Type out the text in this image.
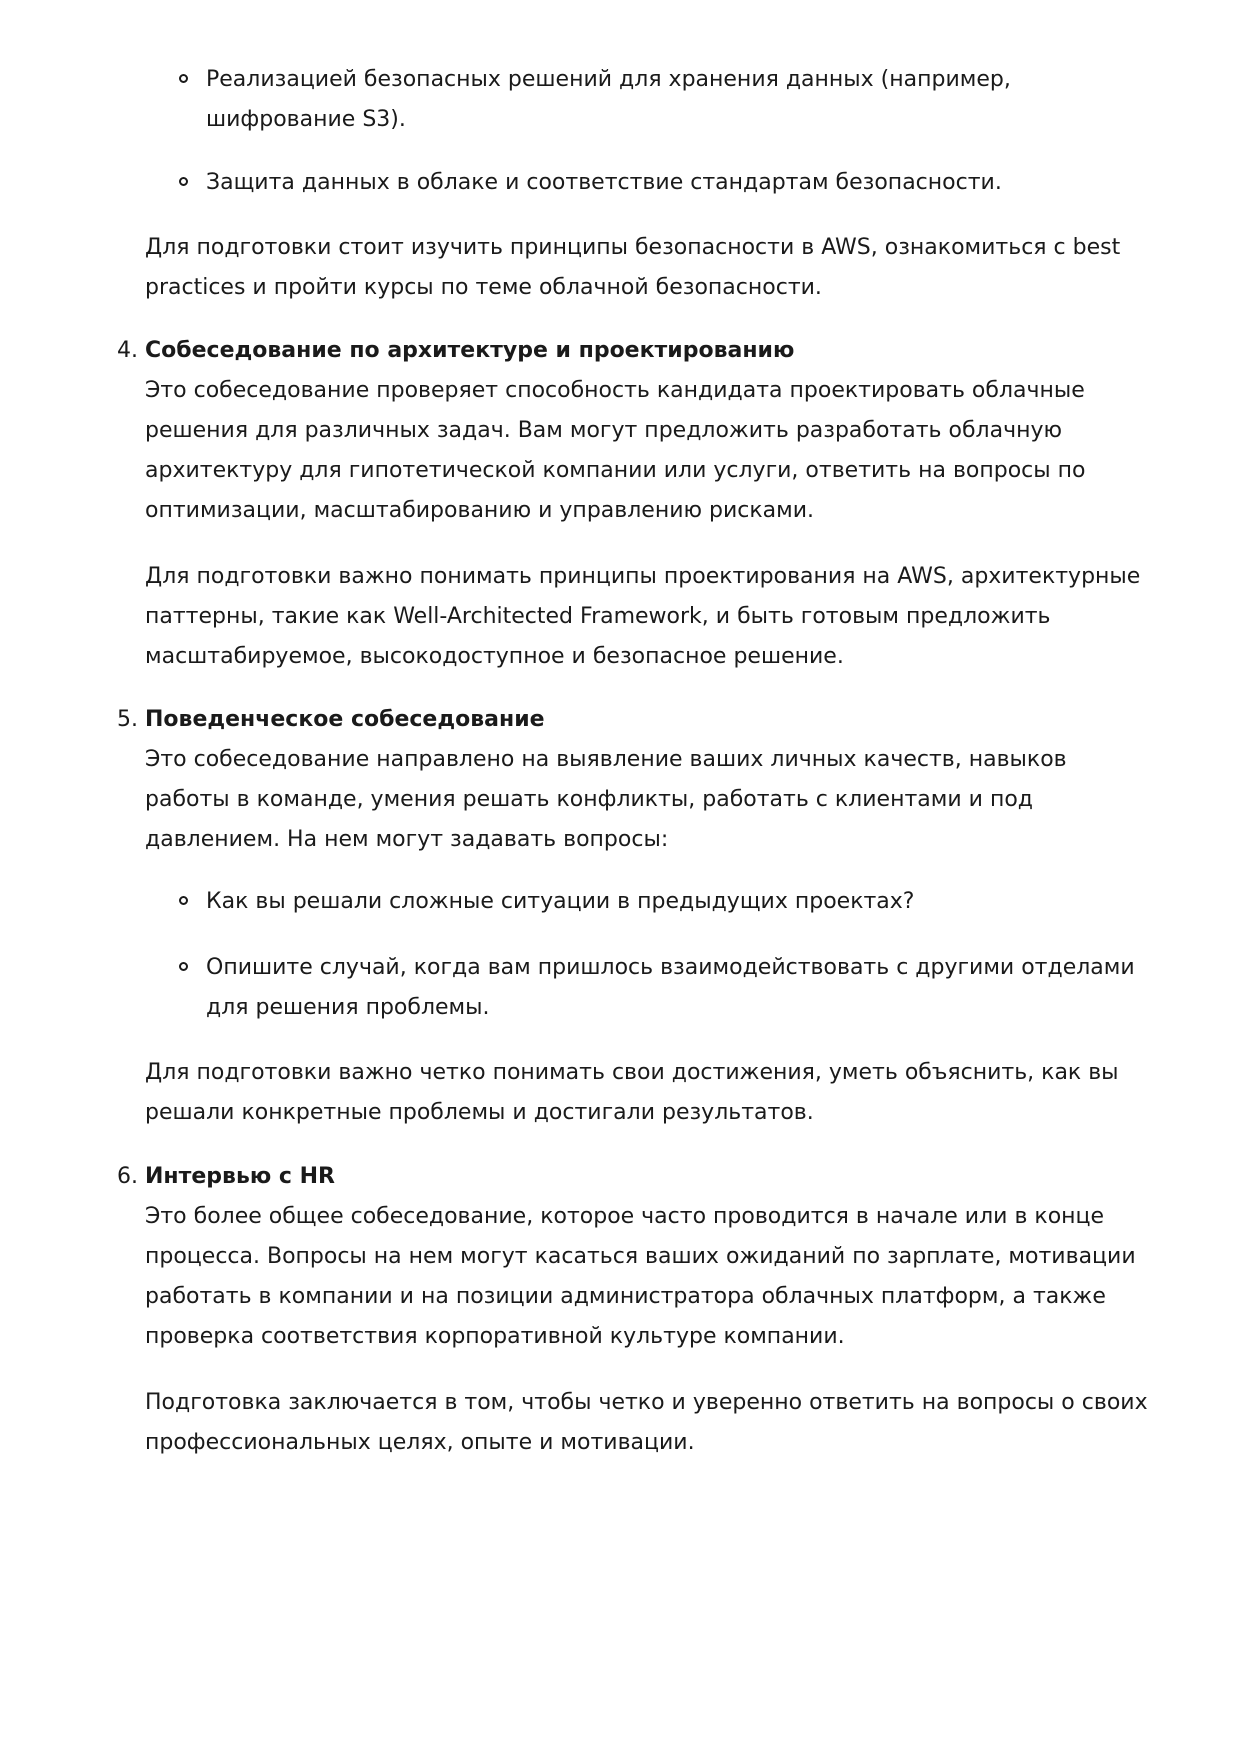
Реализацией безопасных решений для хранения данных (например, шифрование S3).
Защита данных в облаке и соответствие стандартам безопасности.
Для подготовки стоит изучить принципы безопасности в AWS, ознакомиться с best practices и пройти курсы по теме облачной безопасности.
4. Собеседование по архитектуре и проектированию
Это собеседование проверяет способность кандидата проектировать облачные решения для различных задач. Вам могут предложить разработать облачную архитектуру для гипотетической компании или услуги, ответить на вопросы по оптимизации, масштабированию и управлению рисками.
Для подготовки важно понимать принципы проектирования на AWS, архитектурные паттерны, такие как Well-Architected Framework, и быть готовым предложить масштабируемое, высокодоступное и безопасное решение.
5. Поведенческое собеседование
Это собеседование направлено на выявление ваших личных качеств, навыков работы в команде, умения решать конфликты, работать с клиентами и под давлением. На нем могут задавать вопросы:
Как вы решали сложные ситуации в предыдущих проектах?
Опишите случай, когда вам пришлось взаимодействовать с другими отделами для решения проблемы.
Для подготовки важно четко понимать свои достижения, уметь объяснить, как вы решали конкретные проблемы и достигали результатов.
6. Интервью с HR
Это более общее собеседование, которое часто проводится в начале или в конце процесса. Вопросы на нем могут касаться ваших ожиданий по зарплате, мотивации работать в компании и на позиции администратора облачных платформ, а также проверка соответствия корпоративной культуре компании.
Подготовка заключается в том, чтобы четко и уверенно ответить на вопросы о своих профессиональных целях, опыте и мотивации.
